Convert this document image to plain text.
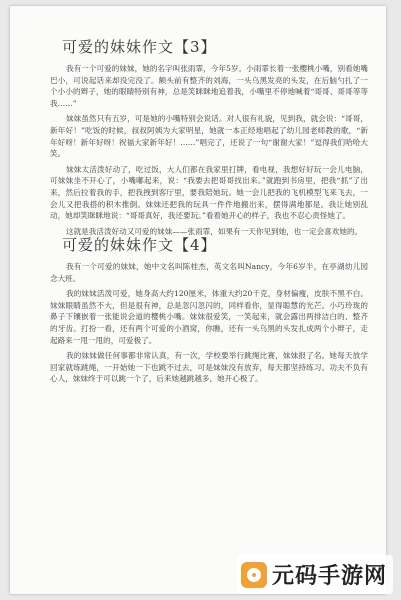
可爱的妹妹作文【3】

我有一个可爱的妹妹，她的名字叫张雨霏，今年5岁。小雨霏长着一张樱桃小嘴，别看她嘴巴小，可说起话来却没完没了。额头前有整齐的刘海，一头乌黑发亮的头发，在后脑勺扎了一个小小的辫子，她的眼睛特别有神，总是笑眯眯地追着我，小嘴里不停地喊着“哥哥、哥哥等等我……”

妹妹虽然只有五岁，可是她的小嘴特别会说话。对人很有礼貌，见到我，就会说：“哥哥，新年好！”吃饭的时候，叔叔阿姨为大家明星，她就一本正经地唱起了幼儿园老师教的歌，“新年好呀！新年好呀！祝福大家新年好！……”唱完了，还说了一句“谢谢大家！”逗得我们哈哈大笑。

妹妹太活泼好动了，吃过饭，大人们都在我家里打牌，看电视，我想好好玩一会儿电脑，可妹妹坐不开心了，小嘴嘟起来，说：“我要去把哥哥找出来。”就跑到书房里，把我“抓”了出来，然后拉着我的手，把我拽到客厅里，要我陪她玩。她一会儿把我的飞机模型飞来飞去，一会儿又把我搭的积木推倒。妹妹还把我的玩具一件件地搬出来，摆得满地都是。我让她别乱动，她却笑眯眯地说：“哥哥真好，我还要玩。”看着她开心的样子，我也不忍心责怪她了。

这就是我活泼好动又可爱的妹妹——张雨霏，如果有一天你见到她，也一定会喜欢她的。

可爱的妹妹作文【4】

我有一个可爱的妹妹，她中文名叫陈桂杰，英文名叫Nancy，今年6岁半，在亭湖幼儿园念大班。

我的妹妹活泼可爱，她身高大约120厘米，体重大约20千克，身材偏瘦，皮肤不黑不白。妹妹眼睛虽然不大，但是很有神，总是忽闪忽闪的，同样看你，显得聪慧的光芒。小巧玲珑的鼻子下镶嵌着一张能说会道的樱桃小嘴。妹妹很爱笑，一笑起来，就会露出两排洁白的、整齐的牙齿。打扮一看，还有两个可爱的小酒窝，你瞧，还有一头乌黑的头发扎成两个小辫子，走起路来一甩一甩的，可爱极了。

我的妹妹做任何事都非常认真，有一次，学校要举行跳绳比赛，妹妹报了名。她每天放学回家就练跳绳，一开始她一下也跳不过去，可是妹妹没有放弃，每天都坚持练习。功夫不负有心人，妹妹终于可以跳一个了，后来她越跳越多，她开心极了。

元码手游网
